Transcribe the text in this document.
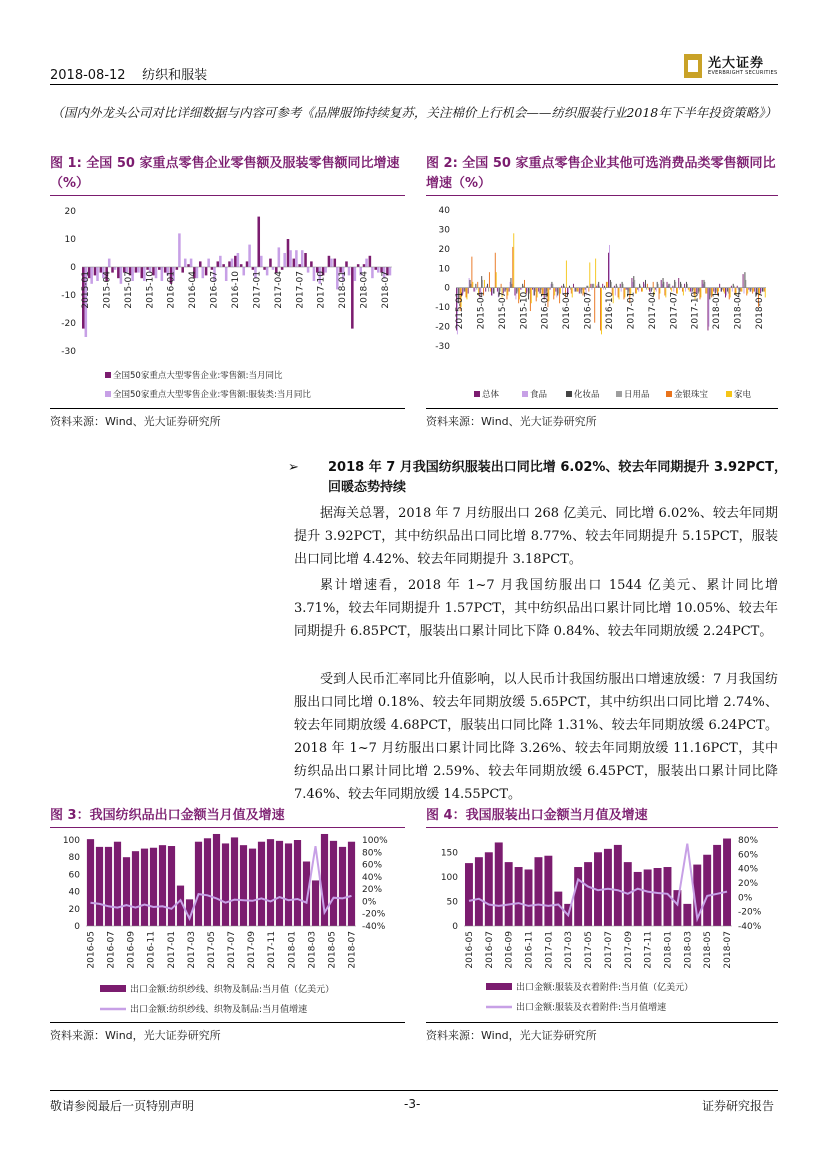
2018-08-12 纺织和服装
光大证券
EVERBRIGHT SECURITIES
（国内外龙头公司对比详细数据与内容可参考《品牌服饰持续复苏，关注棉价上行机会——纺织服装行业2018年下半年投资策略》）
图 1: 全国 50 家重点零售企业零售额及服装零售额同比增速（%）
20
10
0
-10
-20
-30
2015-01 2015-04 2015-07 2015-10 2016-01 2016-04 2016-07 2016-10 2017-01 2017-04 2017-07 2017-10 2018-01 2018-04 2018-07
全国50家重点大型零售企业:零售额:当月同比
全国50家重点大型零售企业:零售额:服装类:当月同比
资料来源：Wind、光大证券研究所
图 2: 全国 50 家重点零售企业其他可选消费品类零售额同比增速（%）
40
30
20
10
0
-10
-20
-30
2015-01 2015-04 2015-07 2015-10 2016-01 2016-04 2016-07 2016-10 2017-01 2017-04 2017-07 2017-10 2018-01 2018-04 2018-07
总体	食品	化妆品	日用品	金银珠宝	家电
资料来源：Wind、光大证券研究所
➢ 2018 年 7 月我国纺织服装出口同比增 6.02%、较去年同期提升 3.92PCT，回暖态势持续
据海关总署，2018 年 7 月纺服出口 268 亿美元、同比增 6.02%、较去年同期提升 3.92PCT，其中纺织品出口同比增 8.77%、较去年同期提升 5.15PCT，服装出口同比增 4.42%、较去年同期提升 3.18PCT。
累计增速看，2018 年 1~7 月我国纺服出口 1544 亿美元、累计同比增 3.71%，较去年同期提升 1.57PCT，其中纺织品出口累计同比增 10.05%、较去年同期提升 6.85PCT，服装出口累计同比下降 0.84%、较去年同期放缓 2.24PCT。
受到人民币汇率同比升值影响，以人民币计我国纺服出口增速放缓：7 月我国纺服出口同比增 0.18%、较去年同期放缓 5.65PCT，其中纺织出口同比增 2.74%、较去年同期放缓 4.68PCT，服装出口同比降 1.31%、较去年同期放缓 6.24PCT。2018 年 1~7 月纺服出口累计同比降 3.26%、较去年同期放缓 11.16PCT，其中纺织品出口累计同比增 2.59%、较去年同期放缓 6.45PCT，服装出口累计同比降 7.46%、较去年同期放缓 14.55PCT。
图 3：我国纺织品出口金额当月值及增速
100
80
60
40
20
0
100%
80%
60%
40%
20%
0%
-20%
-40%
2016-05 2016-07 2016-09 2016-11 2017-01 2017-03 2017-05 2017-07 2017-09 2017-11 2018-01 2018-03 2018-05 2018-07
出口金额:纺织纱线、织物及制品:当月值（亿美元）
出口金额:纺织纱线、织物及制品:当月值增速
资料来源：Wind，光大证券研究所
图 4：我国服装出口金额当月值及增速
150
100
50
0
80%
60%
40%
20%
0%
-20%
-40%
2016-05 2016-07 2016-09 2016-11 2017-01 2017-03 2017-05 2017-07 2017-09 2017-11 2018-01 2018-03 2018-05 2018-07
出口金额:服装及衣着附件:当月值（亿美元）
出口金额:服装及衣着附件:当月值增速
资料来源：Wind，光大证券研究所
敬请参阅最后一页特别声明	-3-	证券研究报告
